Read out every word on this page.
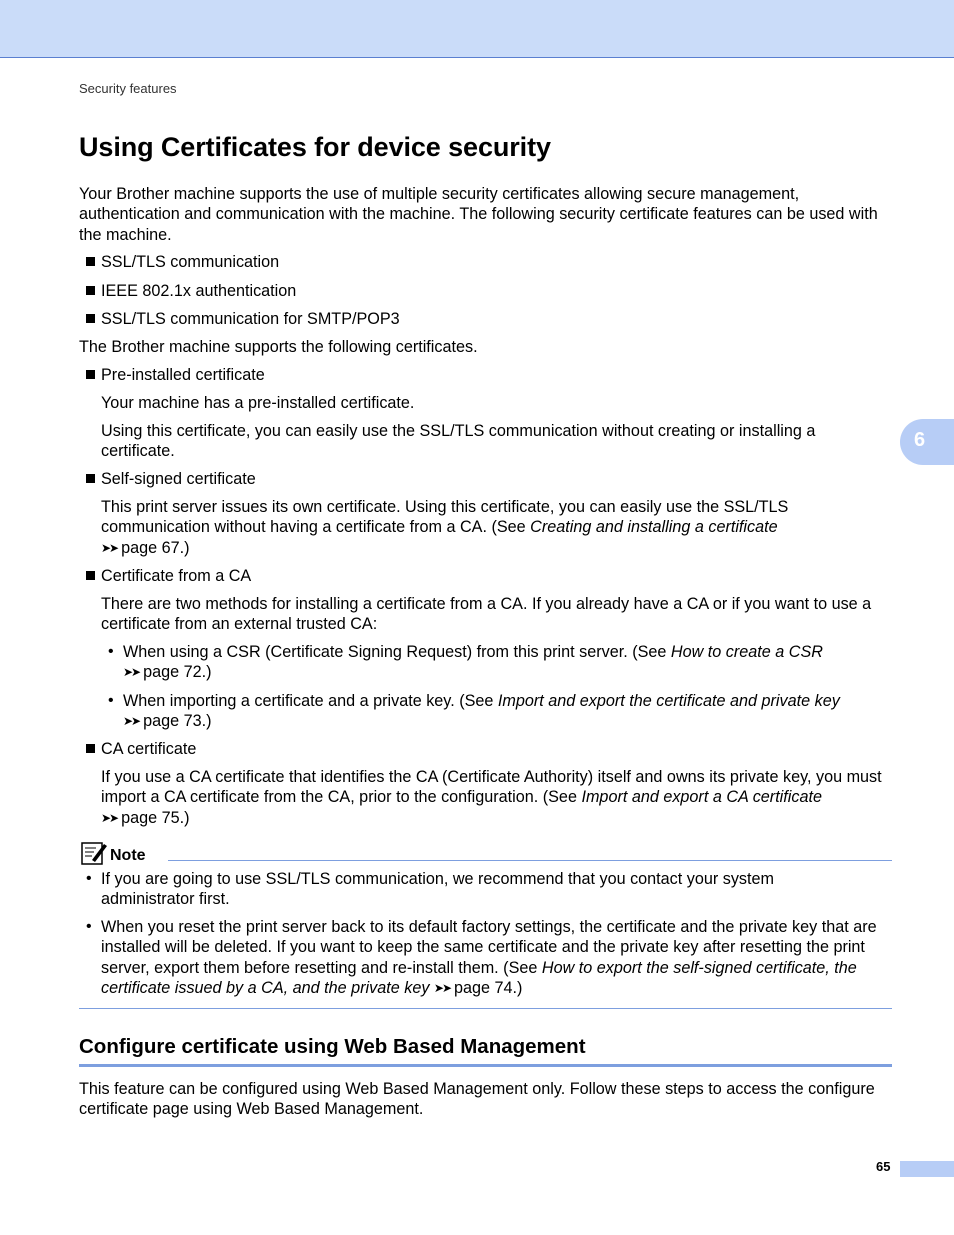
Security features
Using Certificates for device security

Your Brother machine supports the use of multiple security certificates allowing secure management, authentication and communication with the machine. The following security certificate features can be used with the machine.

SSL/TLS communication

IEEE 802.1x authentication

SSL/TLS communication for SMTP/POP3

The Brother machine supports the following certificates.

Pre-installed certificate

Your machine has a pre-installed certificate.

Using this certificate, you can easily use the SSL/TLS communication without creating or installing a certificate.

Self-signed certificate

This print server issues its own certificate. Using this certificate, you can easily use the SSL/TLS communication without having a certificate from a CA. (See Creating and installing a certificate
➤➤ page 67.)

Certificate from a CA

There are two methods for installing a certificate from a CA. If you already have a CA or if you want to use a certificate from an external trusted CA:

• When using a CSR (Certificate Signing Request) from this print server. (See How to create a CSR
➤➤ page 72.)

• When importing a certificate and a private key. (See Import and export the certificate and private key
➤➤ page 73.)

CA certificate

If you use a CA certificate that identifies the CA (Certificate Authority) itself and owns its private key, you must import a CA certificate from the CA, prior to the configuration. (See Import and export a CA certificate
➤➤ page 75.)

Note
• If you are going to use SSL/TLS communication, we recommend that you contact your system administrator first.

• When you reset the print server back to its default factory settings, the certificate and the private key that are installed will be deleted. If you want to keep the same certificate and the private key after resetting the print server, export them before resetting and re-install them. (See How to export the self-signed certificate, the certificate issued by a CA, and the private key ➤➤ page 74.)

Configure certificate using Web Based Management

This feature can be configured using Web Based Management only. Follow these steps to access the configure certificate page using Web Based Management.

6
65
